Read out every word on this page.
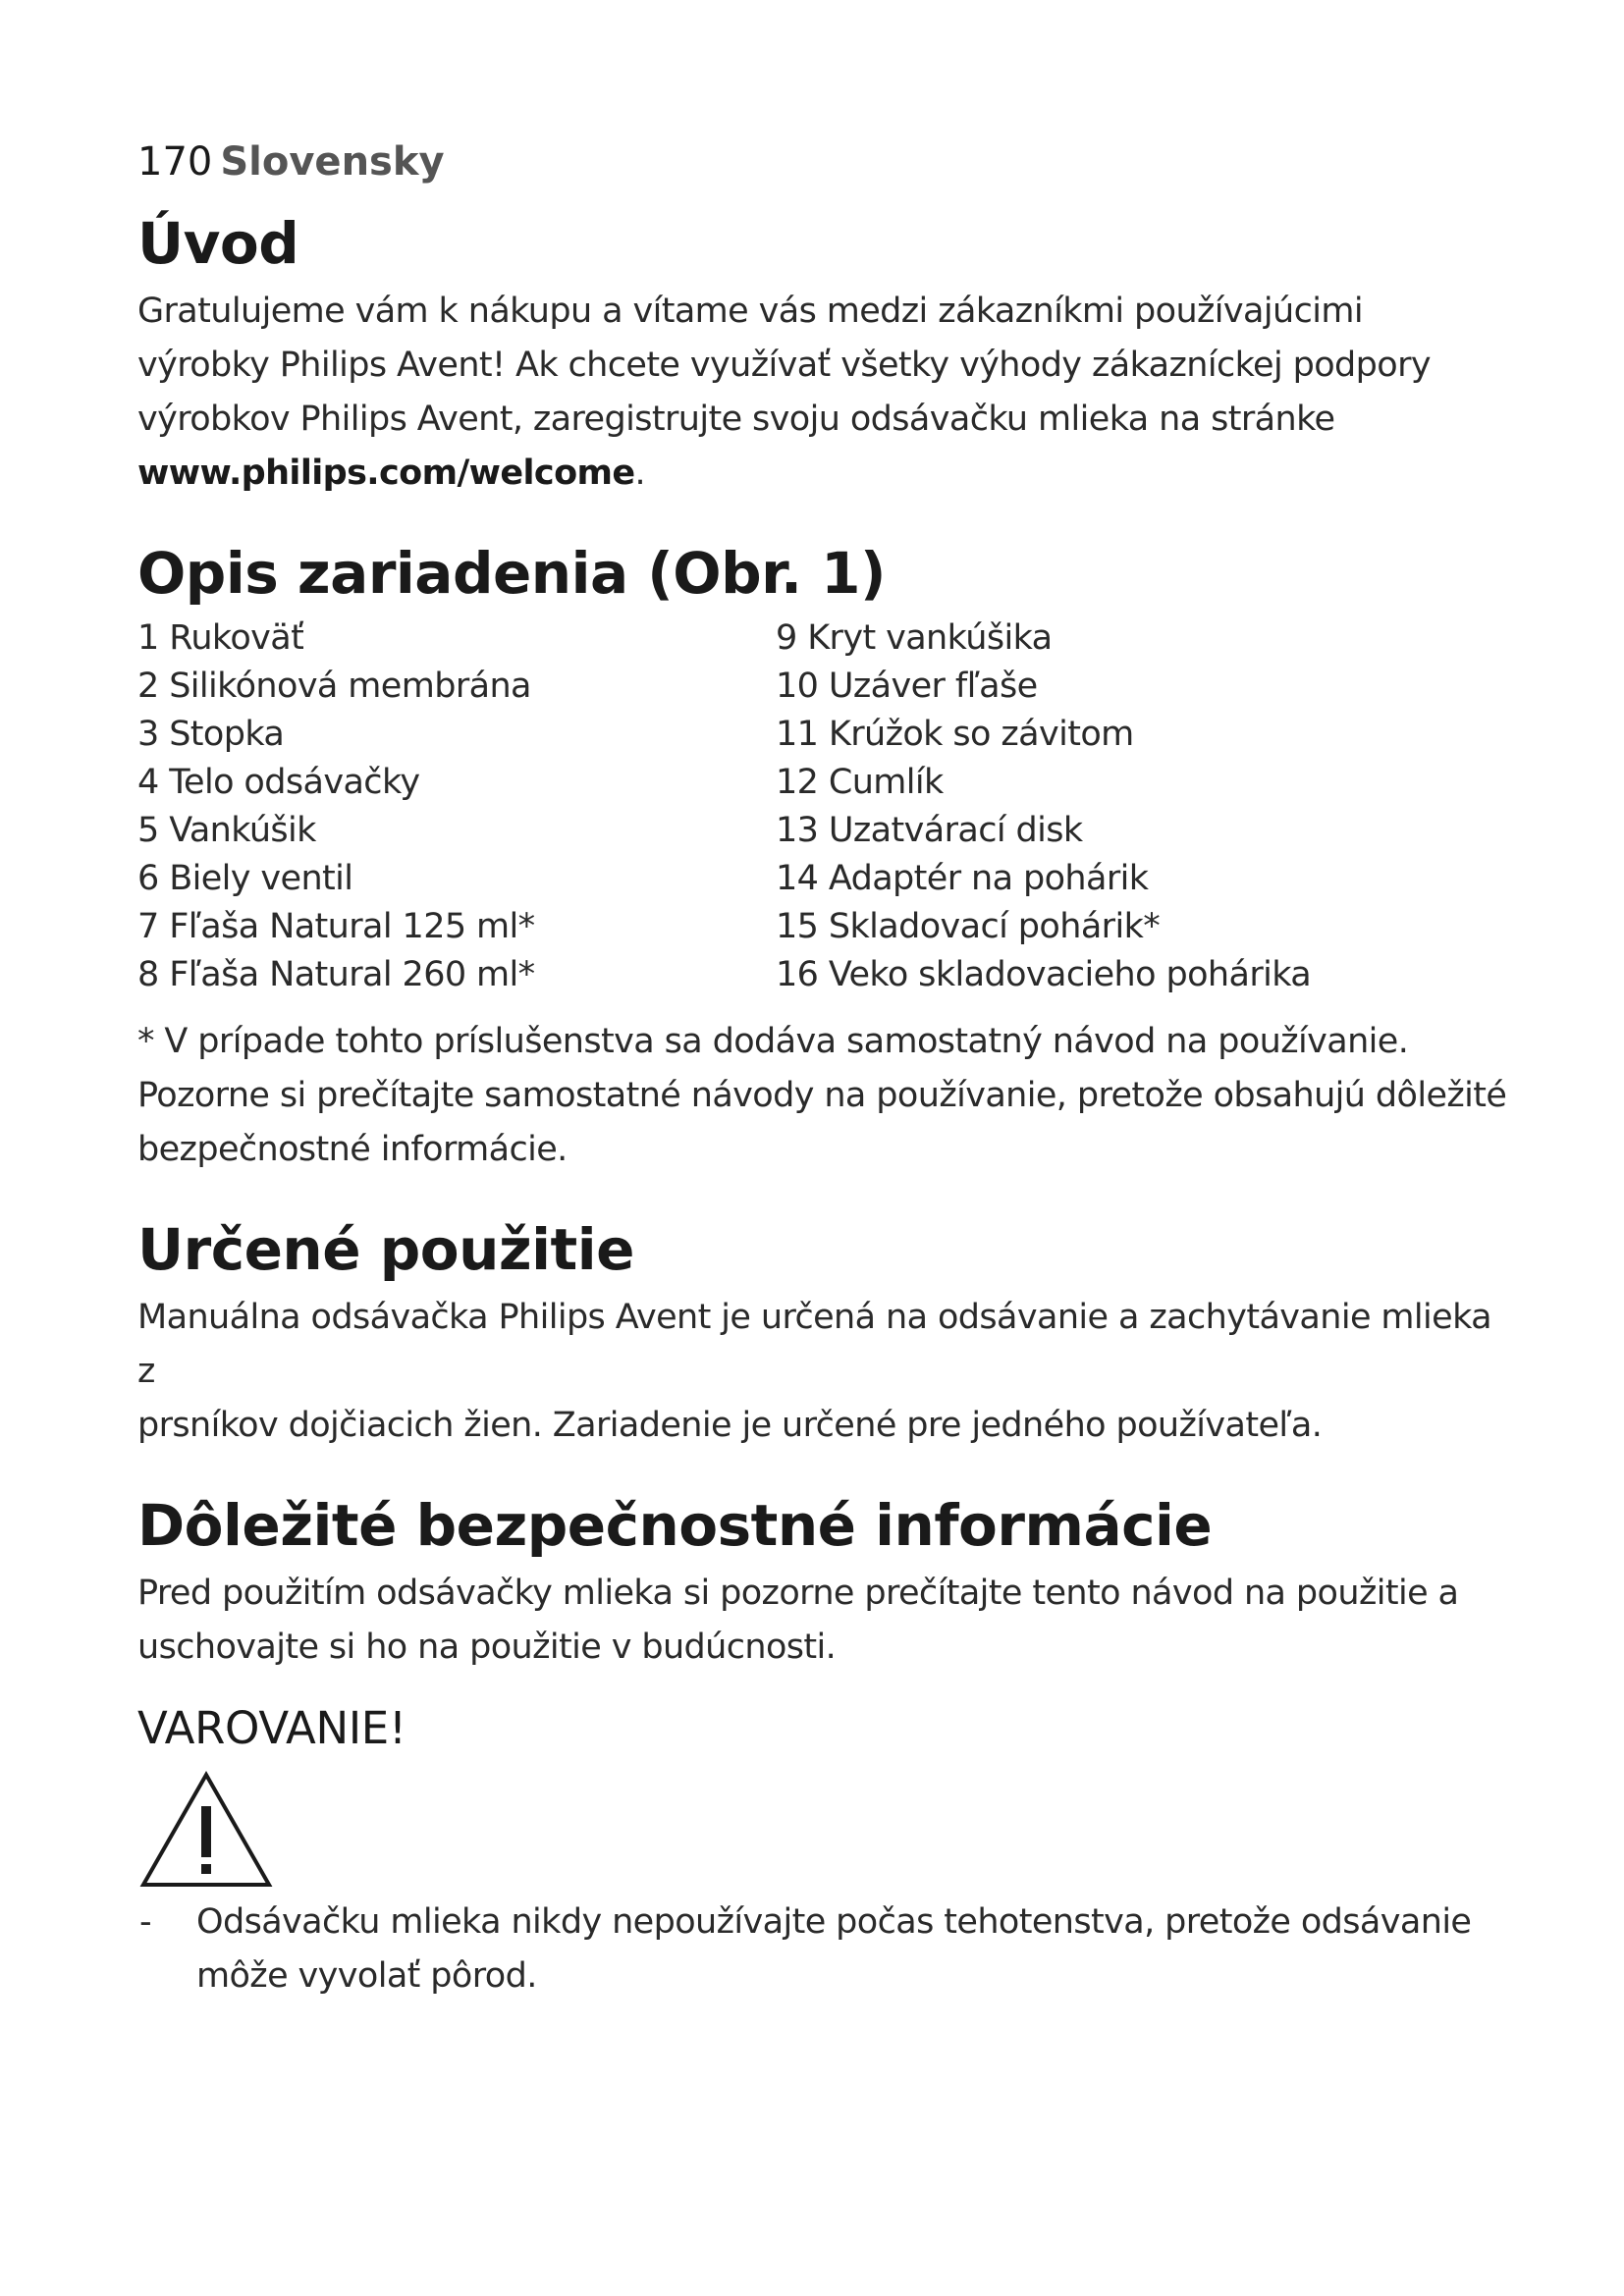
170 Slovensky
Úvod

Gratulujeme vám k nákupu a vítame vás medzi zákazníkmi používajúcimi
výrobky Philips Avent! Ak chcete využívať všetky výhody zákazníckej podpory
výrobkov Philips Avent, zaregistrujte svoju odsávačku mlieka na stránke

www.philips.com/welcome.
Opis zariadenia (Obr. 1)
1 Rukoväť	9 Kryt vankúšika
2 Silikónová membrána	10 Uzáver fľaše
3 Stopka	11 Krúžok so závitom
4 Telo odsávačky	12 Cumlík
5 Vankúšik	13 Uzatvárací disk
6 Biely ventil	14 Adaptér na pohárik
7 Fľaša Natural 125 ml*	15 Skladovací pohárik*
8 Fľaša Natural 260 ml*	16 Veko skladovacieho pohárika

* V prípade tohto príslušenstva sa dodáva samostatný návod na používanie.
Pozorne si prečítajte samostatné návody na používanie, pretože obsahujú dôležité
bezpečnostné informácie.

Určené použitie

Manuálna odsávačka Philips Avent je určená na odsávanie a zachytávanie mlieka z
prsníkov dojčiacich žien. Zariadenie je určené pre jedného používateľa.

Dôležité bezpečnostné informácie

Pred použitím odsávačky mlieka si pozorne prečítajte tento návod na použitie a
uschovajte si ho na použitie v budúcnosti.

VAROVANIE!
-	Odsávačku mlieka nikdy nepoužívajte počas tehotenstva, pretože odsávanie
môže vyvolať pôrod.
